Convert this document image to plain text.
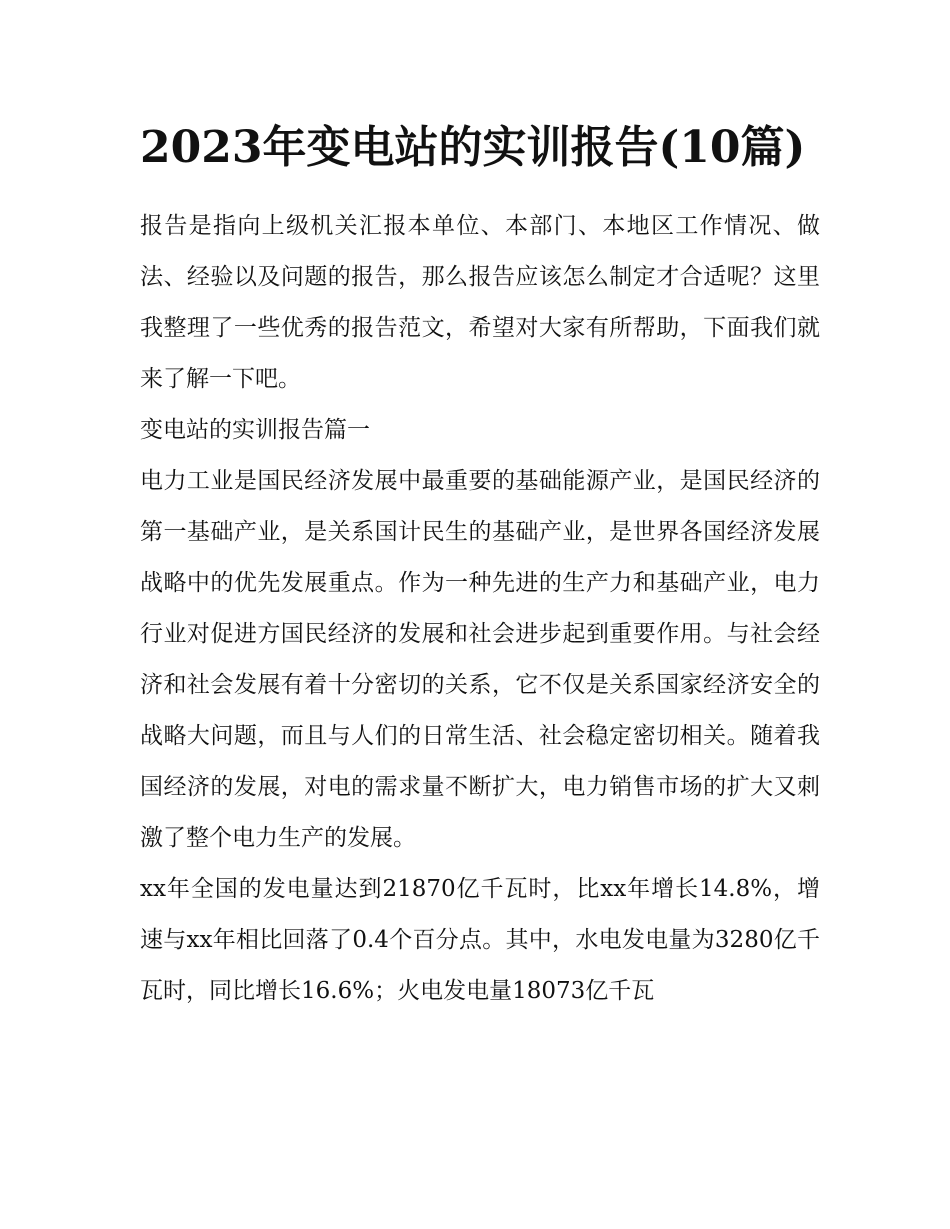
2023年变电站的实训报告(10篇)

报告是指向上级机关汇报本单位、本部门、本地区工作情况、做法、经验以及问题的报告，那么报告应该怎么制定才合适呢？这里我整理了一些优秀的报告范文，希望对大家有所帮助，下面我们就来了解一下吧。

变电站的实训报告篇一

电力工业是国民经济发展中最重要的基础能源产业，是国民经济的第一基础产业，是关系国计民生的基础产业，是世界各国经济发展战略中的优先发展重点。作为一种先进的生产力和基础产业，电力行业对促进方国民经济的发展和社会进步起到重要作用。与社会经济和社会发展有着十分密切的关系，它不仅是关系国家经济安全的战略大问题，而且与人们的日常生活、社会稳定密切相关。随着我国经济的发展，对电的需求量不断扩大，电力销售市场的扩大又刺激了整个电力生产的发展。

xx年全国的发电量达到21870亿千瓦时，比xx年增长14.8%，增速与xx年相比回落了0.4个百分点。其中，水电发电量为3280亿千瓦时，同比增长16.6%；火电发电量18073亿千瓦
